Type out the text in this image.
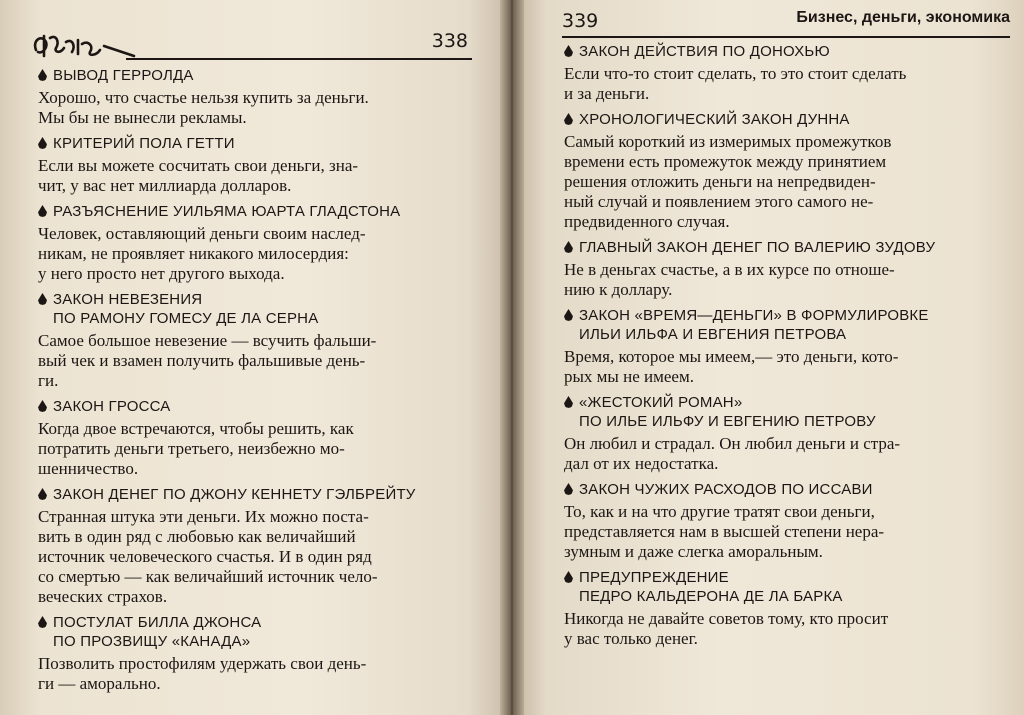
338
ВЫВОД ГЕРРОЛДА
Хорошо, что счастье нельзя купить за деньги.
Мы бы не вынесли рекламы.
КРИТЕРИЙ ПОЛА ГЕТТИ
Если вы можете сосчитать свои деньги, зна-
чит, у вас нет миллиарда долларов.
РАЗЪЯСНЕНИЕ УИЛЬЯМА ЮАРТА ГЛАДСТОНА
Человек, оставляющий деньги своим наслед-
никам, не проявляет никакого милосердия:
у него просто нет другого выхода.
ЗАКОН НЕВЕЗЕНИЯ
ПО РАМОНУ ГОМЕСУ ДЕ ЛА СЕРНА
Самое большое невезение — всучить фальши-
вый чек и взамен получить фальшивые день-
ги.
ЗАКОН ГРОССА
Когда двое встречаются, чтобы решить, как
потратить деньги третьего, неизбежно мо-
шенничество.
ЗАКОН ДЕНЕГ ПО ДЖОНУ КЕННЕТУ ГЭЛБРЕЙТУ
Странная штука эти деньги. Их можно поста-
вить в один ряд с любовью как величайший
источник человеческого счастья. И в один ряд
со смертью — как величайший источник чело-
веческих страхов.
ПОСТУЛАТ БИЛЛА ДЖОНСА
ПО ПРОЗВИЩУ «КАНАДА»
Позволить простофилям удержать свои день-
ги — аморально.
339	Бизнес, деньги, экономика
ЗАКОН ДЕЙСТВИЯ ПО ДОНОХЬЮ
Если что-то стоит сделать, то это стоит сделать
и за деньги.
ХРОНОЛОГИЧЕСКИЙ ЗАКОН ДУННА
Самый короткий из измеримых промежутков
времени есть промежуток между принятием
решения отложить деньги на непредвиден-
ный случай и появлением этого самого не-
предвиденного случая.
ГЛАВНЫЙ ЗАКОН ДЕНЕГ ПО ВАЛЕРИЮ ЗУДОВУ
Не в деньгах счастье, а в их курсе по отноше-
нию к доллару.
ЗАКОН «ВРЕМЯ—ДЕНЬГИ» В ФОРМУЛИРОВКЕ
ИЛЬИ ИЛЬФА И ЕВГЕНИЯ ПЕТРОВА
Время, которое мы имеем,— это деньги, кото-
рых мы не имеем.
«ЖЕСТОКИЙ РОМАН»
ПО ИЛЬЕ ИЛЬФУ И ЕВГЕНИЮ ПЕТРОВУ
Он любил и страдал. Он любил деньги и стра-
дал от их недостатка.
ЗАКОН ЧУЖИХ РАСХОДОВ ПО ИССАВИ
То, как и на что другие тратят свои деньги,
представляется нам в высшей степени нера-
зумным и даже слегка аморальным.
ПРЕДУПРЕЖДЕНИЕ
ПЕДРО КАЛЬДЕРОНА ДЕ ЛА БАРКА
Никогда не давайте советов тому, кто просит
у вас только денег.
